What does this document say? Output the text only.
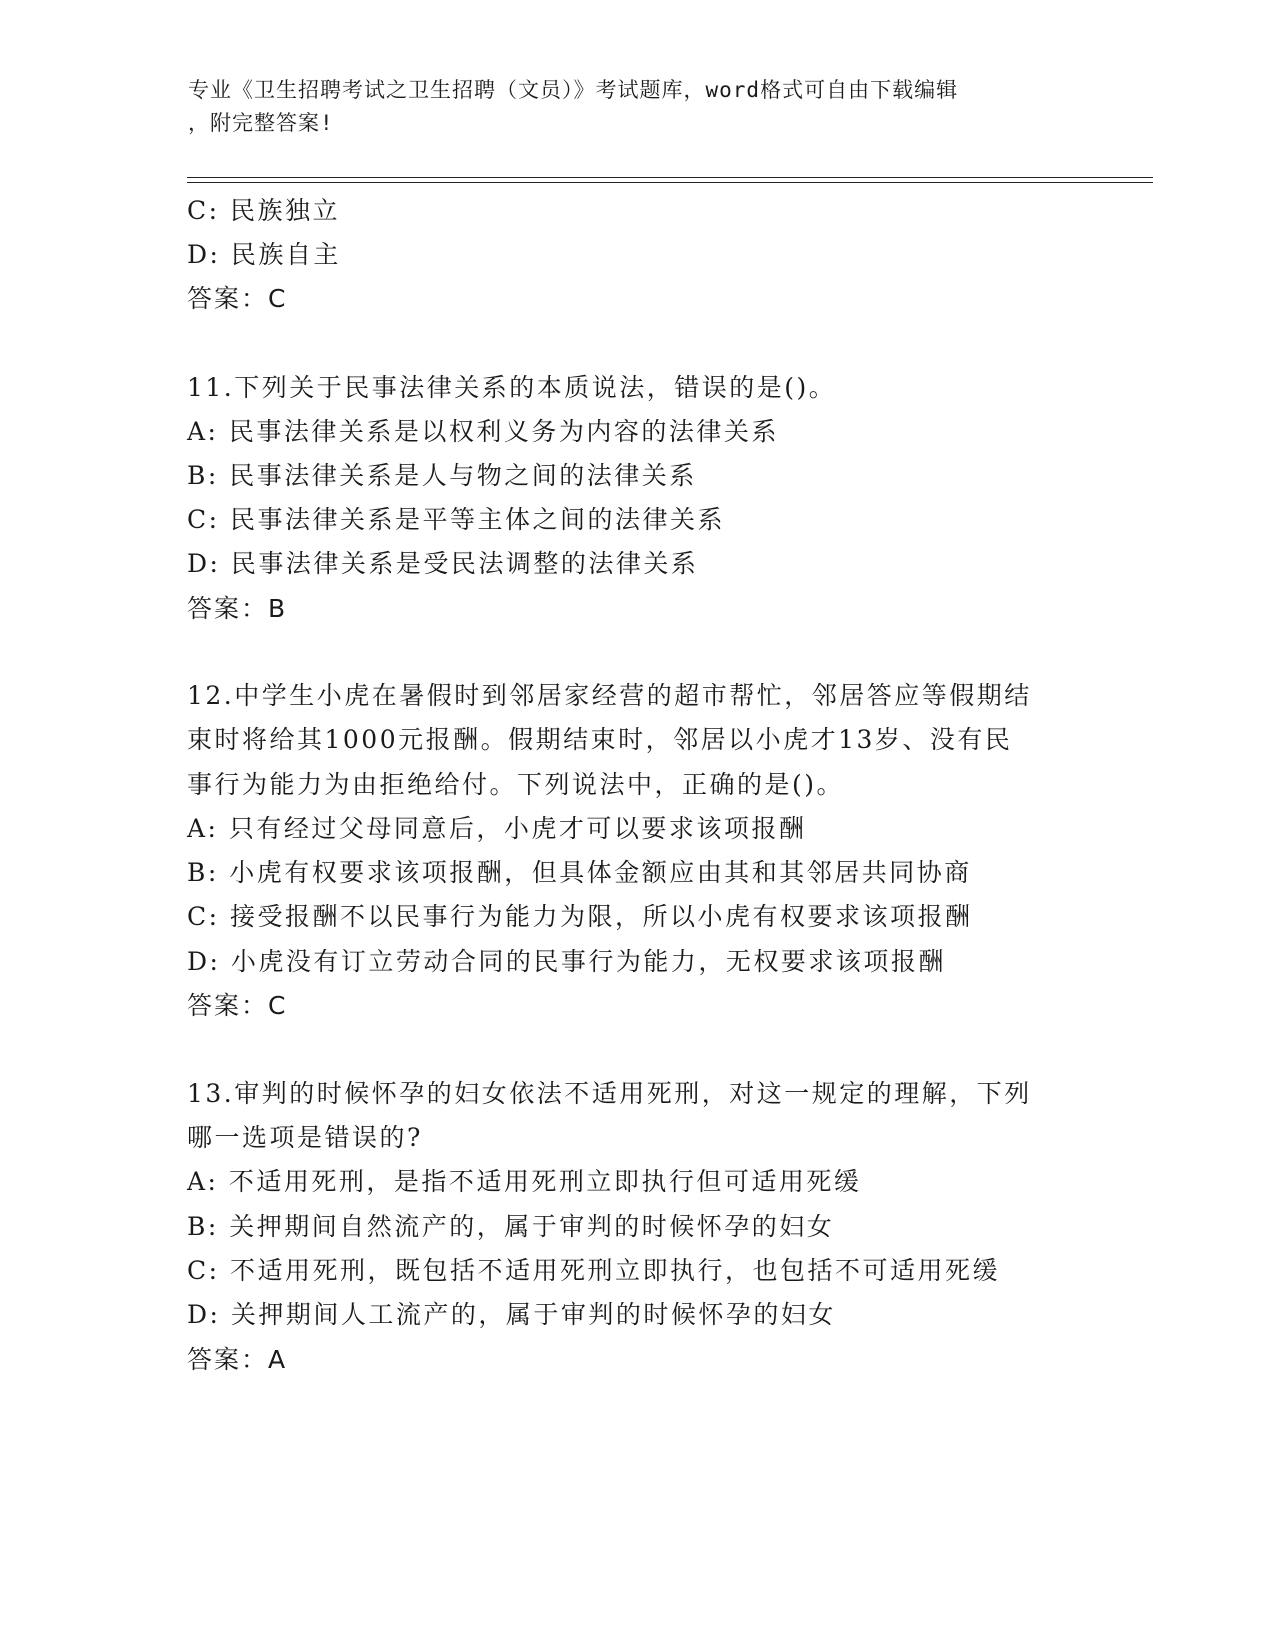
专业《卫生招聘考试之卫生招聘（文员）》考试题库，word格式可自由下载编辑
，附完整答案!
C: 民族独立
D: 民族自主
答案：C
11.下列关于民事法律关系的本质说法，错误的是()。
A: 民事法律关系是以权利义务为内容的法律关系
B: 民事法律关系是人与物之间的法律关系
C: 民事法律关系是平等主体之间的法律关系
D: 民事法律关系是受民法调整的法律关系
答案：B
12.中学生小虎在暑假时到邻居家经营的超市帮忙，邻居答应等假期结
束时将给其1000元报酬。假期结束时，邻居以小虎才13岁、没有民
事行为能力为由拒绝给付。下列说法中，正确的是()。
A: 只有经过父母同意后，小虎才可以要求该项报酬
B: 小虎有权要求该项报酬，但具体金额应由其和其邻居共同协商
C: 接受报酬不以民事行为能力为限，所以小虎有权要求该项报酬
D: 小虎没有订立劳动合同的民事行为能力，无权要求该项报酬
答案：C
13.审判的时候怀孕的妇女依法不适用死刑，对这一规定的理解，下列
哪一选项是错误的?
A: 不适用死刑，是指不适用死刑立即执行但可适用死缓
B: 关押期间自然流产的，属于审判的时候怀孕的妇女
C: 不适用死刑，既包括不适用死刑立即执行，也包括不可适用死缓
D: 关押期间人工流产的，属于审判的时候怀孕的妇女
答案：A
